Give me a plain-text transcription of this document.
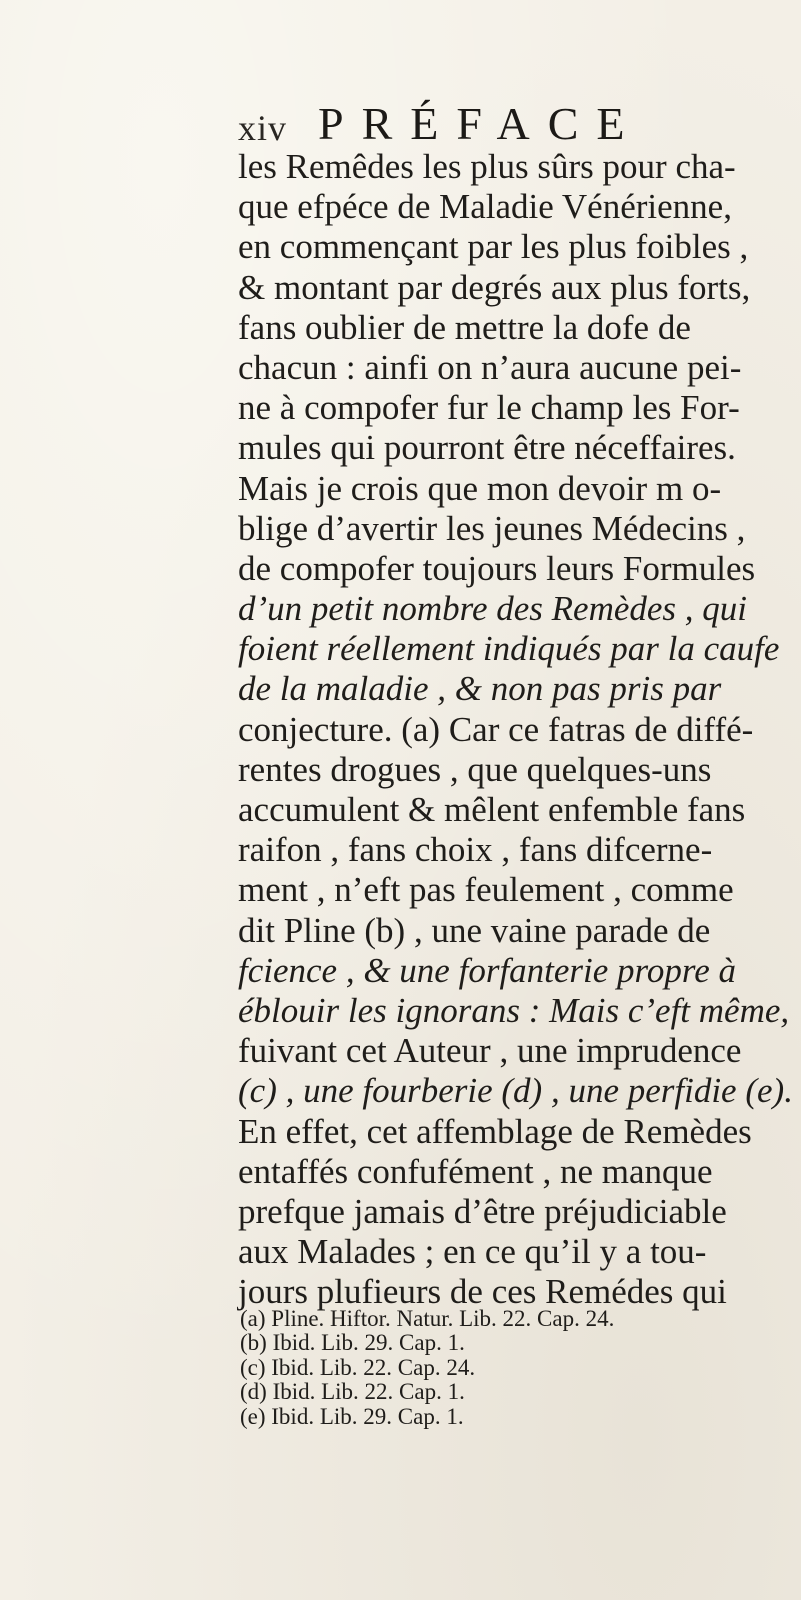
xiv PRÉFACE
les Remêdes les plus sûrs pour cha-
que efpéce de Maladie Vénérienne,
en commençant par les plus foibles ,
& montant par degrés aux plus forts,
fans oublier de mettre la dofe de
chacun : ainfi on n’aura aucune pei-
ne à compofer fur le champ les For-
mules qui pourront être néceffaires.
Mais je crois que mon devoir m o-
blige d’avertir les jeunes Médecins ,
de compofer toujours leurs Formules
d’un petit nombre des Remèdes , qui
foient réellement indiqués par la caufe
de la maladie , & non pas pris par
conjecture. (a) Car ce fatras de diffé-
rentes drogues , que quelques-uns
accumulent & mêlent enfemble fans
raifon , fans choix , fans difcerne-
ment , n’eft pas feulement , comme
dit Pline (b) , une vaine parade de
fcience , & une forfanterie propre à
éblouir les ignorans : Mais c’eft même,
fuivant cet Auteur , une imprudence
(c) , une fourberie (d) , une perfidie (e).
En effet, cet affemblage de Remèdes
entaffés confufément , ne manque
prefque jamais d’être préjudiciable
aux Malades ; en ce qu’il y a tou-
jours plufieurs de ces Remédes qui
(a) Pline. Hiftor. Natur. Lib. 22. Cap. 24.
(b) Ibid. Lib. 29. Cap. 1.
(c) Ibid. Lib. 22. Cap. 24.
(d) Ibid. Lib. 22. Cap. 1.
(e) Ibid. Lib. 29. Cap. 1.
